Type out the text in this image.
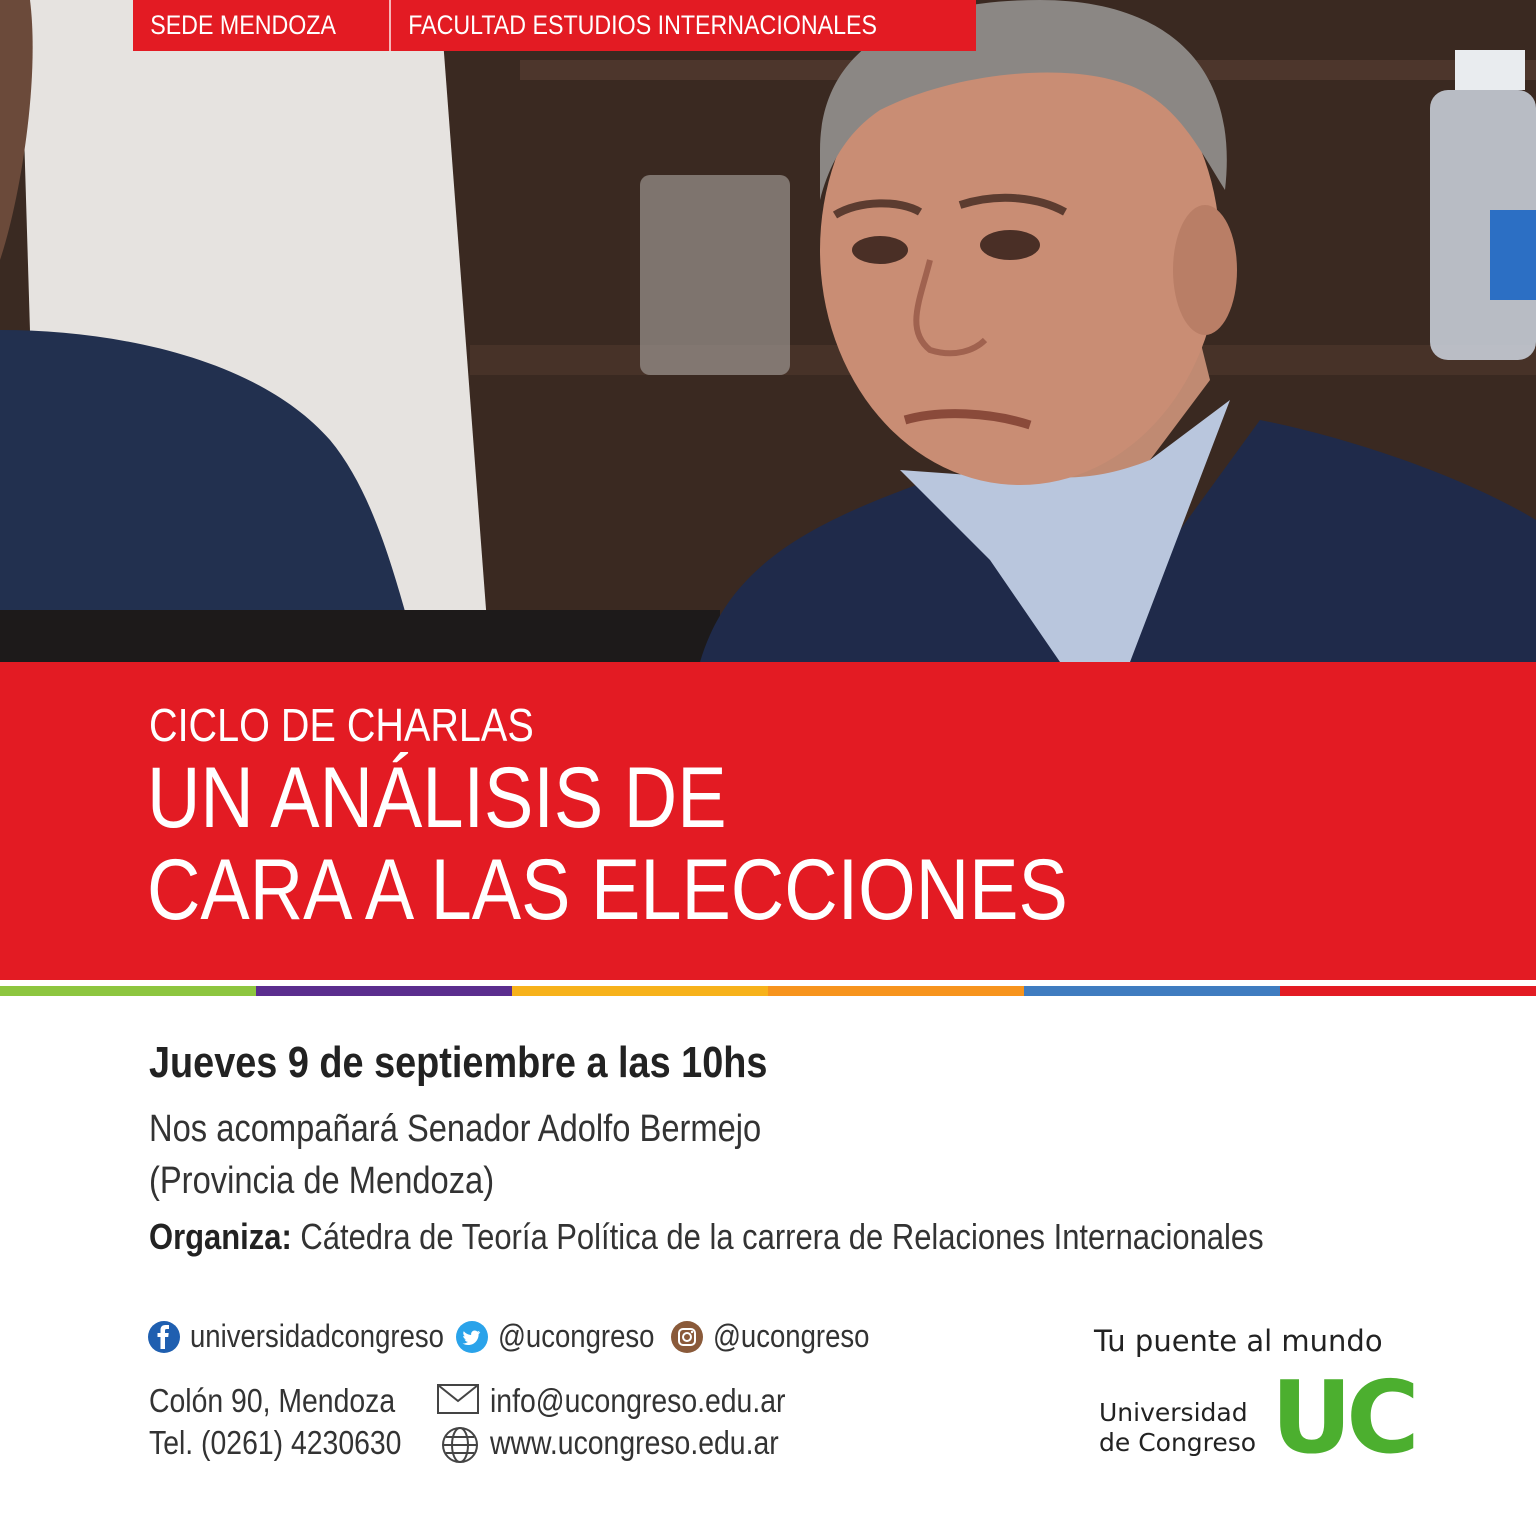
SEDE MENDOZA	FACULTAD ESTUDIOS INTERNACIONALES
CICLO DE CHARLAS
UN ANÁLISIS DE
CARA A LAS ELECCIONES
Jueves 9 de septiembre a las 10hs
Nos acompañará Senador Adolfo Bermejo
(Provincia de Mendoza)
Organiza: Cátedra de Teoría Política de la carrera de Relaciones Internacionales
universidadcongreso @ucongreso @ucongreso
Colón 90, Mendoza
Tel. (0261) 4230630
info@ucongreso.edu.ar
www.ucongreso.edu.ar
Tu puente al mundo
Universidad
de Congreso UC
